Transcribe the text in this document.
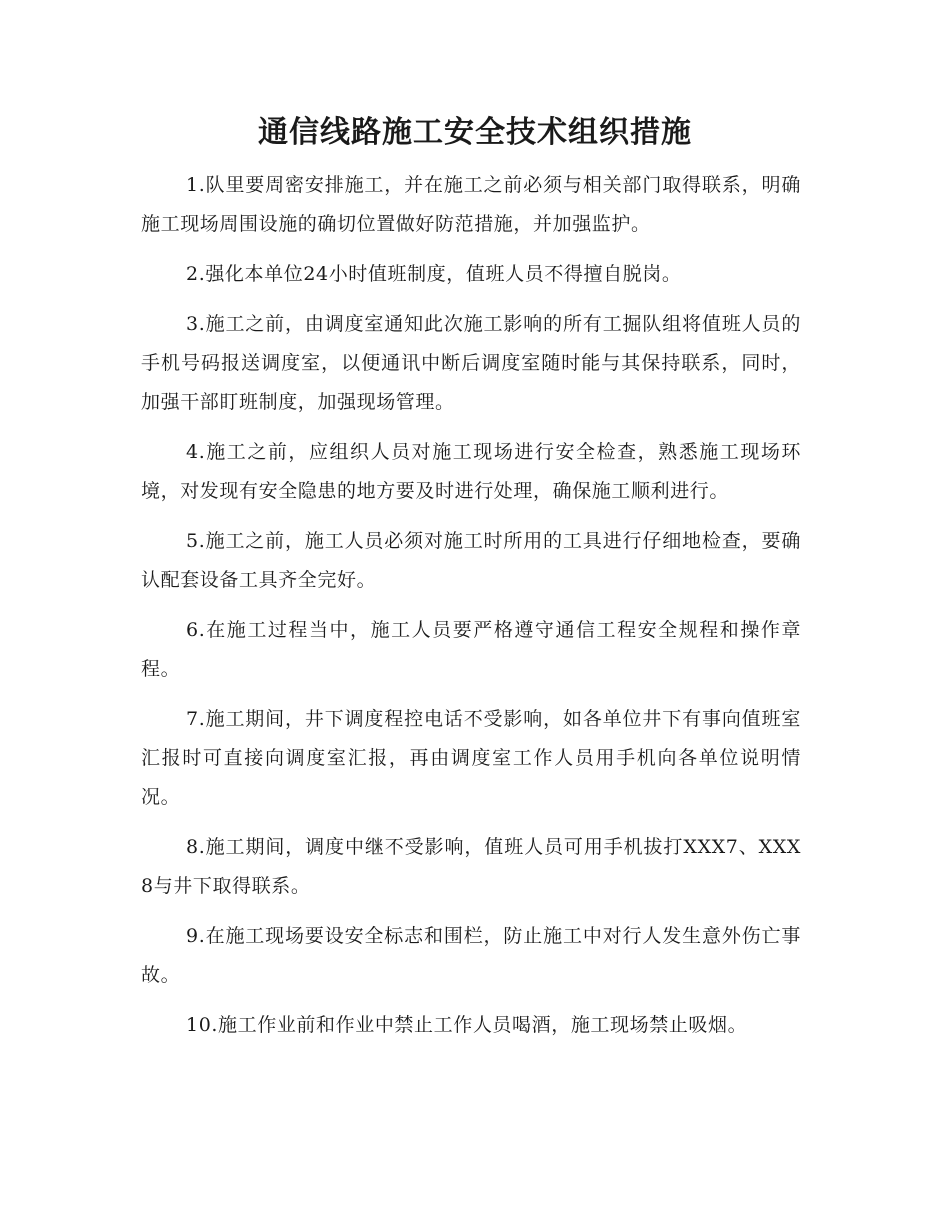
通信线路施工安全技术组织措施

1.队里要周密安排施工，并在施工之前必须与相关部门取得联系，明确施工现场周围设施的确切位置做好防范措施，并加强监护。

2.强化本单位24小时值班制度，值班人员不得擅自脱岗。

3.施工之前，由调度室通知此次施工影响的所有工掘队组将值班人员的手机号码报送调度室，以便通讯中断后调度室随时能与其保持联系，同时，加强干部盯班制度，加强现场管理。

4.施工之前，应组织人员对施工现场进行安全检查，熟悉施工现场环境，对发现有安全隐患的地方要及时进行处理，确保施工顺利进行。

5.施工之前，施工人员必须对施工时所用的工具进行仔细地检查，要确认配套设备工具齐全完好。

6.在施工过程当中，施工人员要严格遵守通信工程安全规程和操作章程。

7.施工期间，井下调度程控电话不受影响，如各单位井下有事向值班室汇报时可直接向调度室汇报，再由调度室工作人员用手机向各单位说明情况。

8.施工期间，调度中继不受影响，值班人员可用手机拔打XXX7、XXX8与井下取得联系。

9.在施工现场要设安全标志和围栏，防止施工中对行人发生意外伤亡事故。

10.施工作业前和作业中禁止工作人员喝酒，施工现场禁止吸烟。
